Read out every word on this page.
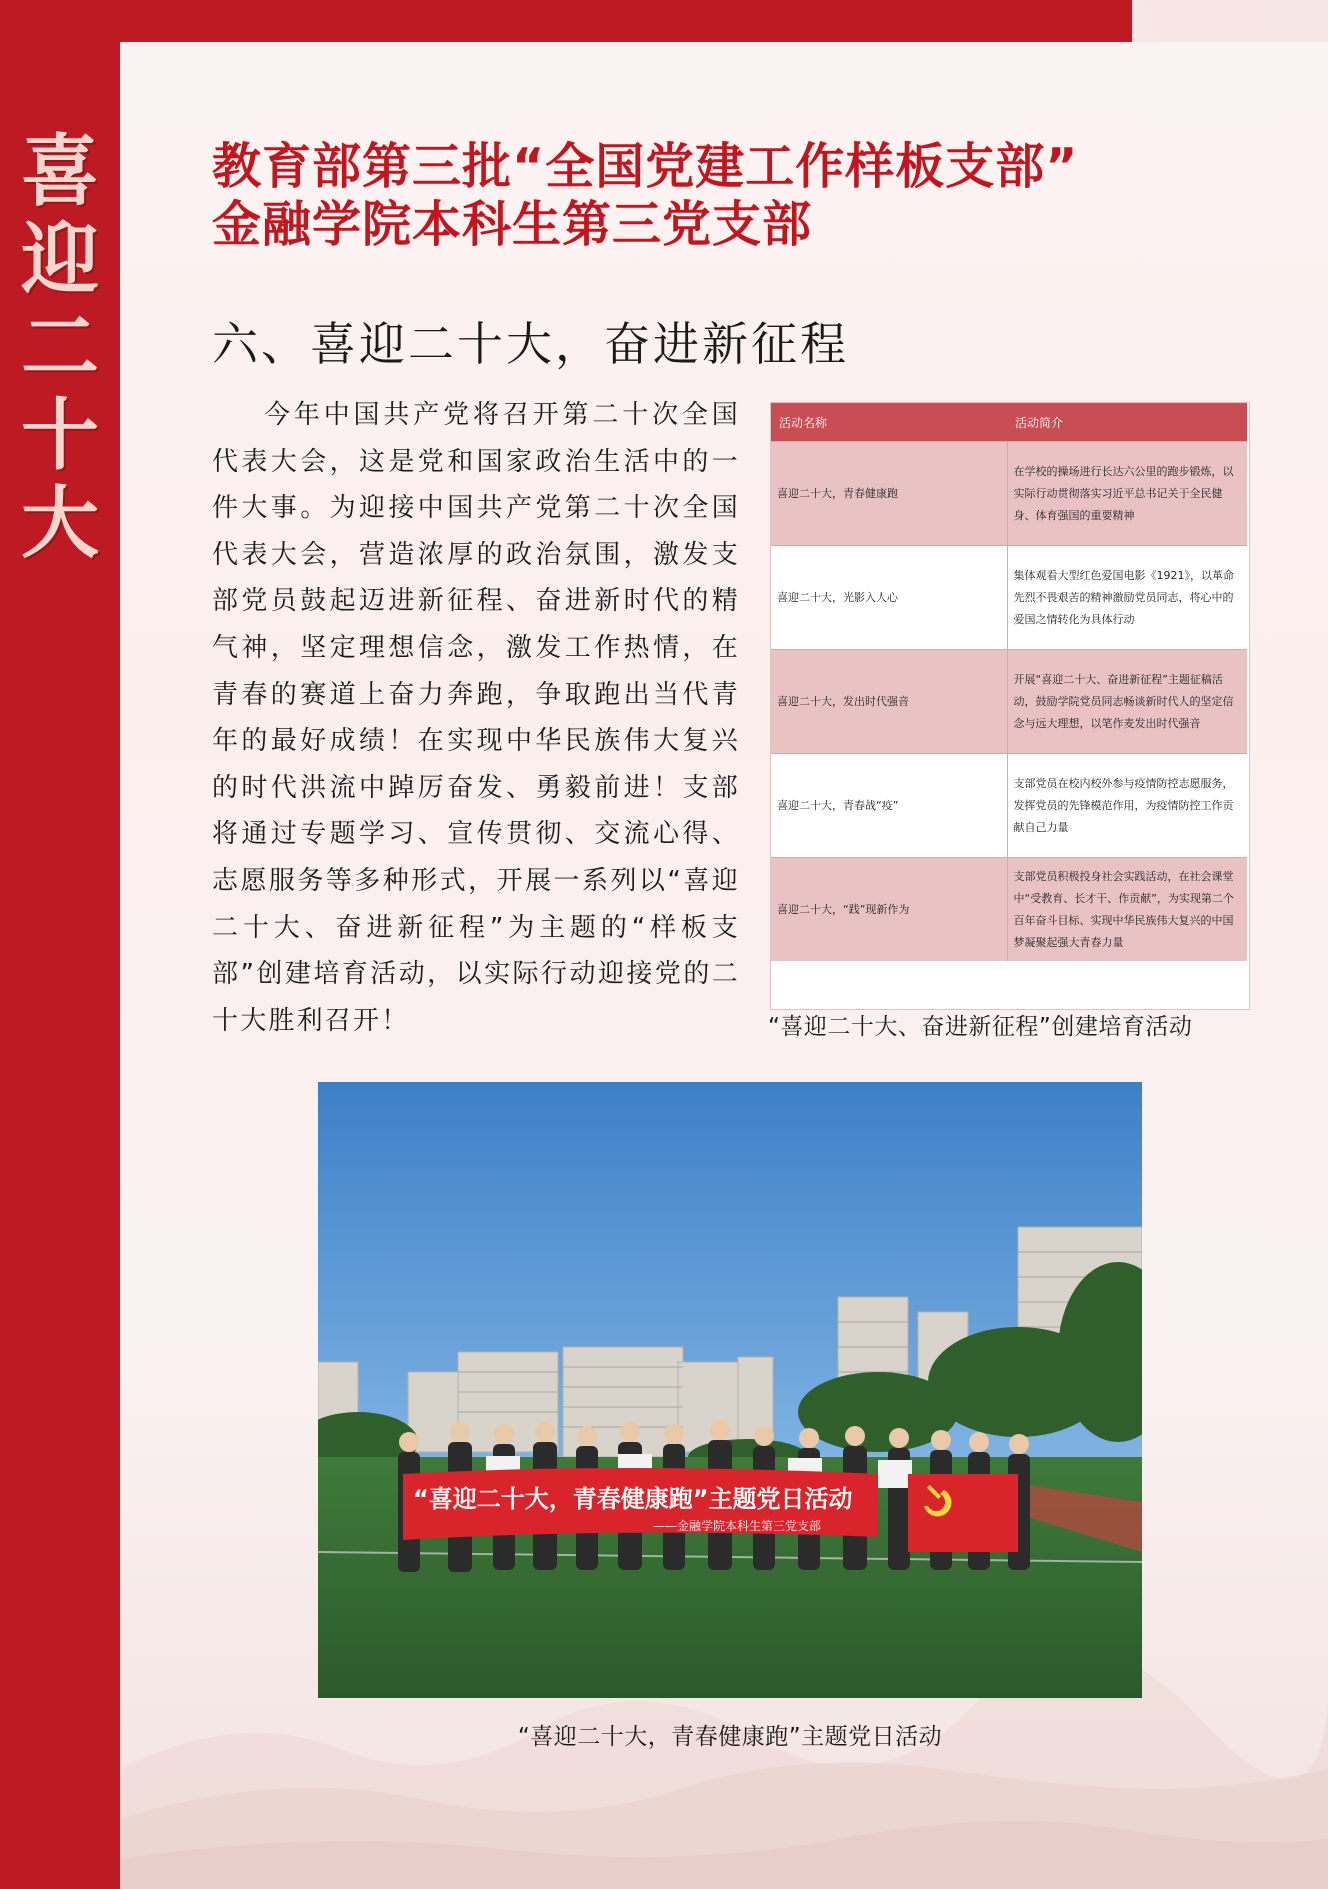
喜
迎
二
十
大
教育部第三批“全国党建工作样板支部”
金融学院本科生第三党支部
六、喜迎二十大，奋进新征程

今年中国共产党将召开第二十次全国代表大会，这是党和国家政治生活中的一件大事。为迎接中国共产党第二十次全国代表大会，营造浓厚的政治氛围，激发支部党员鼓起迈进新征程、奋进新时代的精气神，坚定理想信念，激发工作热情，在青春的赛道上奋力奔跑，争取跑出当代青年的最好成绩！在实现中华民族伟大复兴的时代洪流中踔厉奋发、勇毅前进！支部将通过专题学习、宣传贯彻、交流心得、志愿服务等多种形式，开展一系列以“喜迎二十大、奋进新征程”为主题的“样板支部”创建培育活动，以实际行动迎接党的二十大胜利召开！

活动名称	活动简介
喜迎二十大，青春健康跑	在学校的操场进行长达六公里的跑步锻炼，以实际行动贯彻落实习近平总书记关于全民健身、体育强国的重要精神
喜迎二十大，光影入人心	集体观看大型红色爱国电影《1921》，以革命先烈不畏艰苦的精神激励党员同志，将心中的爱国之情转化为具体行动
喜迎二十大，发出时代强音	开展“喜迎二十大、奋进新征程”主题征稿活动，鼓励学院党员同志畅谈新时代人的坚定信念与远大理想，以笔作麦发出时代强音
喜迎二十大，青春战“疫”	支部党员在校内校外参与疫情防控志愿服务，发挥党员的先锋模范作用，为疫情防控工作贡献自己力量
喜迎二十大，“践”现新作为	支部党员积极投身社会实践活动，在社会课堂中“受教育、长才干、作贡献”，为实现第二个百年奋斗目标、实现中华民族伟大复兴的中国梦凝聚起强大青春力量
“喜迎二十大、奋进新征程”创建培育活动
“喜迎二十大，青春健康跑”主题党日活动
——金融学院本科生第三党支部
“喜迎二十大，青春健康跑”主题党日活动
